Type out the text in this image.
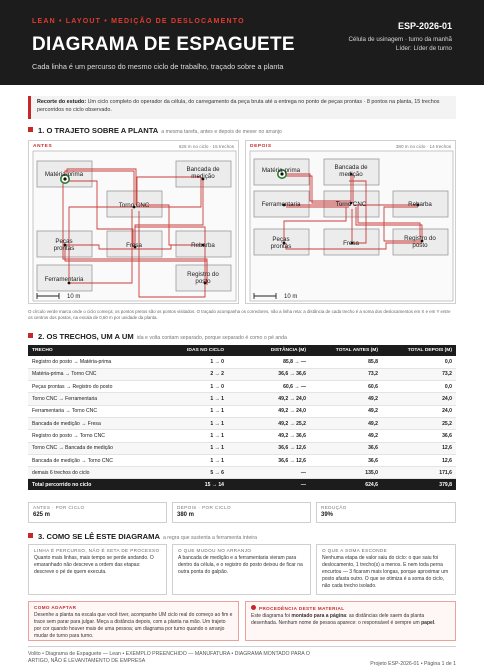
LEAN • LAYOUT • MEDIÇÃO DE DESLOCAMENTO
DIAGRAMA DE ESPAGUETE
Cada linha é um percurso do mesmo ciclo de trabalho, traçado sobre a planta
ESP-2026-01
Célula de usinagem · turno da manhã
Líder: Líder de turno
Recorte do estudo: Um ciclo completo do operador da célula, do carregamento da peça bruta até a entrega no ponto de peças prontas · 8 pontos na planta, 15 trechos percorridos no ciclo observado.
1. O TRAJETO SOBRE A PLANTA a mesma tarefa, antes e depois de mexer no arranjo
ANTES	625 m no ciclo · 15 trechos
Matéria-prima
Bancada de
medição
Torno CNC
Peças
prontas	Fresa	Rebarba
Ferramentaria
Registro do
posto
10 m
DEPOIS	380 m no ciclo · 14 trechos
Matéria-prima	Bancada de
medição
Ferramentaria	Torno CNC	Rebarba
Peças
prontas	Fresa
Registro do
posto
10 m
O círculo verde marca onde o ciclo começa; os pontos pretos são os pontos visitados. O traçado acompanha os corredores, não a linha reta: a distância de cada trecho é a soma dos deslocamentos em X e em Y entre os centros dos postos, na escala de 0,60 m por unidade da planta.
2. OS TRECHOS, UM A UM ida e volta contam separado, porque separado é como o pé anda
TRECHO	IDAS NO CICLO	DISTÂNCIA (M)	TOTAL ANTES (M)	TOTAL DEPOIS (M)
Registro do posto → Matéria-prima	1 → 0	85,8 → —	85,8	0,0
Matéria-prima → Torno CNC	2 → 2	36,6 → 36,6	73,2	73,2
Peças prontas → Registro do posto	1 → 0	60,6 → —	60,6	0,0
Torno CNC → Ferramentaria	1 → 1	49,2 → 24,0	49,2	24,0
Ferramentaria → Torno CNC	1 → 1	49,2 → 24,0	49,2	24,0
Bancada de medição → Fresa	1 → 1	49,2 → 25,2	49,2	25,2
Registro do posto → Torno CNC	1 → 1	49,2 → 36,6	49,2	36,6
Torno CNC → Bancada de medição	1 → 1	36,6 → 12,6	36,6	12,6
Bancada de medição → Torno CNC	1 → 1	36,6 → 12,6	36,6	12,6
demais 6 trechos do ciclo	5 → 6	—	135,0	171,6
Total percorrido no ciclo	15 → 14	—	624,6	379,8
ANTES · POR CICLO
625 m
DEPOIS · POR CICLO
380 m
REDUÇÃO
39%
3. COMO SE LÊ ESTE DIAGRAMA a regra que sustenta a ferramenta inteira
LINHA É PERCURSO, NÃO É SETA DE PROCESSO
Quanto mais linhas, mais tempo se perde andando. O emaranhado não descreve a ordem das etapas: descreve o pé de quem executa.
O QUE MUDOU NO ARRANJO
A bancada de medição e a ferramentaria vieram para dentro da célula, e o registro do posto deixou de ficar na outra ponta do galpão.
O QUE A SOMA ESCONDE
Nenhuma etapa de valor saiu do ciclo: o que saiu foi deslocamento, 1 trecho(s) a menos. E nem toda perna encurtou — 3 ficaram mais longas, porque aproximar um posto afasta outro. O que se otimiza é a soma do ciclo, não cada trecho isolado.
COMO ADAPTAR
Desenhe a planta na escala que você tiver, acompanhe UM ciclo real do começo ao fim e trace sem parar para julgar. Meça a distância depois, com a planta na mão. Um trajeto por cor quando houver mais de uma pessoa; um diagrama por turno quando o arranjo mudar de turno para turno.
PROCEDÊNCIA DESTE MATERIAL
Este diagrama foi montado para a página: as distâncias dele saem da planta desenhada. Nenhum nome de pessoa aparece: o responsável é sempre um papel.
Volito • Diagrama de Espaguete — Lean • EXEMPLO PREENCHIDO — MANUFATURA • DIAGRAMA MONTADO PARA O ARTIGO, NÃO É LEVANTAMENTO DE EMPRESA	Projeto ESP-2026-01 • Página 1 de 1
